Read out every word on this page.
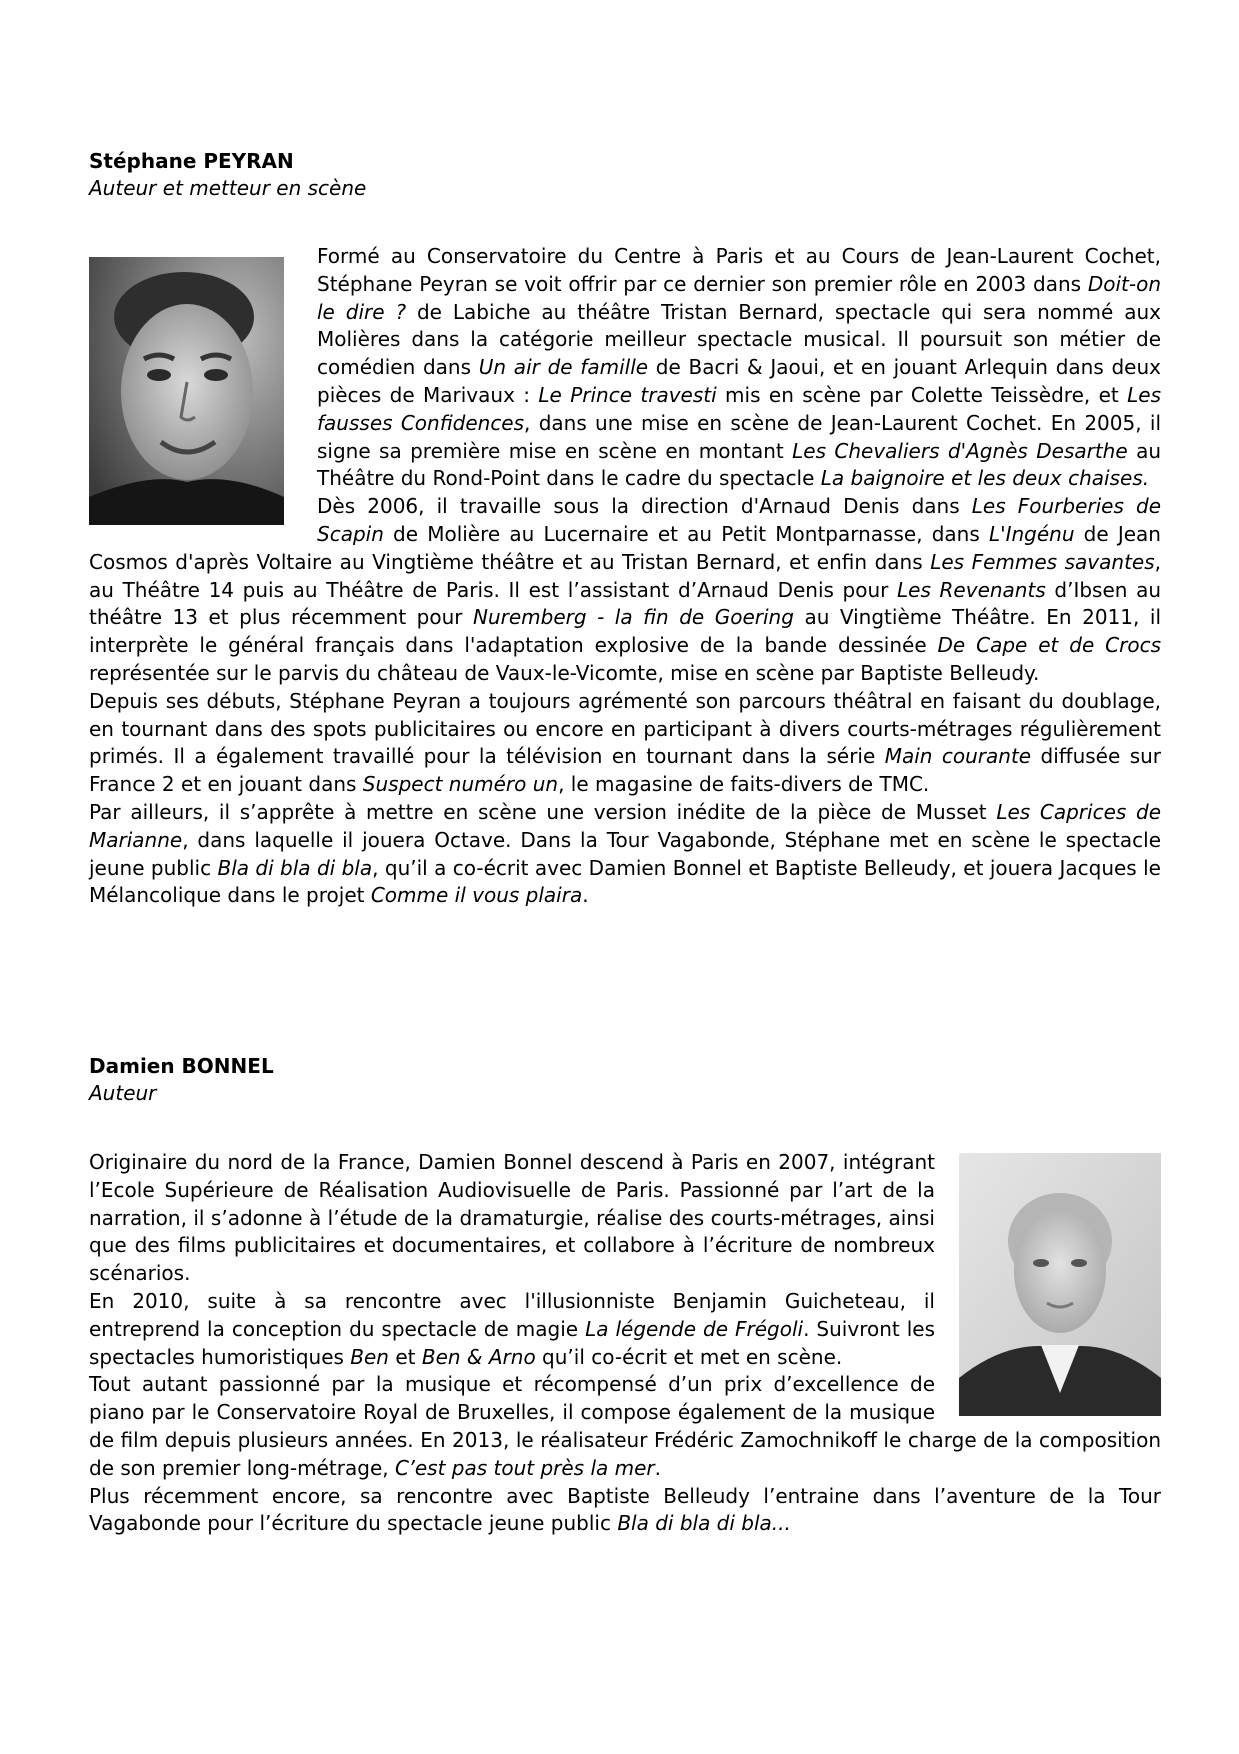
Stéphane PEYRAN
Auteur et metteur en scène

Formé au Conservatoire du Centre à Paris et au Cours de Jean-Laurent Cochet, Stéphane Peyran se voit offrir par ce dernier son premier rôle en 2003 dans Doit-on le dire ? de Labiche au théâtre Tristan Bernard, spectacle qui sera nommé aux Molières dans la catégorie meilleur spectacle musical. Il poursuit son métier de comédien dans Un air de famille de Bacri & Jaoui, et en jouant Arlequin dans deux pièces de Marivaux : Le Prince travesti mis en scène par Colette Teissèdre, et Les fausses Confidences, dans une mise en scène de Jean-Laurent Cochet. En 2005, il signe sa première mise en scène en montant Les Chevaliers d'Agnès Desarthe au Théâtre du Rond-Point dans le cadre du spectacle La baignoire et les deux chaises.

Dès 2006, il travaille sous la direction d'Arnaud Denis dans Les Fourberies de Scapin de Molière au Lucernaire et au Petit Montparnasse, dans L'Ingénu de Jean Cosmos d'après Voltaire au Vingtième théâtre et au Tristan Bernard, et enfin dans Les Femmes savantes, au Théâtre 14 puis au Théâtre de Paris. Il est l’assistant d’Arnaud Denis pour Les Revenants d’Ibsen au théâtre 13 et plus récemment pour Nuremberg - la fin de Goering au Vingtième Théâtre. En 2011, il interprète le général français dans l'adaptation explosive de la bande dessinée De Cape et de Crocs représentée sur le parvis du château de Vaux-le-Vicomte, mise en scène par Baptiste Belleudy.

Depuis ses débuts, Stéphane Peyran a toujours agrémenté son parcours théâtral en faisant du doublage, en tournant dans des spots publicitaires ou encore en participant à divers courts-métrages régulièrement primés. Il a également travaillé pour la télévision en tournant dans la série Main courante diffusée sur France 2 et en jouant dans Suspect numéro un, le magasine de faits-divers de TMC.

Par ailleurs, il s’apprête à mettre en scène une version inédite de la pièce de Musset Les Caprices de Marianne, dans laquelle il jouera Octave. Dans la Tour Vagabonde, Stéphane met en scène le spectacle jeune public Bla di bla di bla, qu’il a co-écrit avec Damien Bonnel et Baptiste Belleudy, et jouera Jacques le Mélancolique dans le projet Comme il vous plaira.

Damien BONNEL
Auteur

Originaire du nord de la France, Damien Bonnel descend à Paris en 2007, intégrant l’Ecole Supérieure de Réalisation Audiovisuelle de Paris. Passionné par l’art de la narration, il s’adonne à l’étude de la dramaturgie, réalise des courts-métrages, ainsi que des films publicitaires et documentaires, et collabore à l’écriture de nombreux scénarios.

En 2010, suite à sa rencontre avec l'illusionniste Benjamin Guicheteau, il entreprend la conception du spectacle de magie La légende de Frégoli. Suivront les spectacles humoristiques Ben et Ben & Arno qu’il co-écrit et met en scène.

Tout autant passionné par la musique et récompensé d’un prix d’excellence de piano par le Conservatoire Royal de Bruxelles, il compose également de la musique de film depuis plusieurs années. En 2013, le réalisateur Frédéric Zamochnikoff le charge de la composition de son premier long-métrage, C’est pas tout près la mer.

Plus récemment encore, sa rencontre avec Baptiste Belleudy l’entraine dans l’aventure de la Tour Vagabonde pour l’écriture du spectacle jeune public Bla di bla di bla...
